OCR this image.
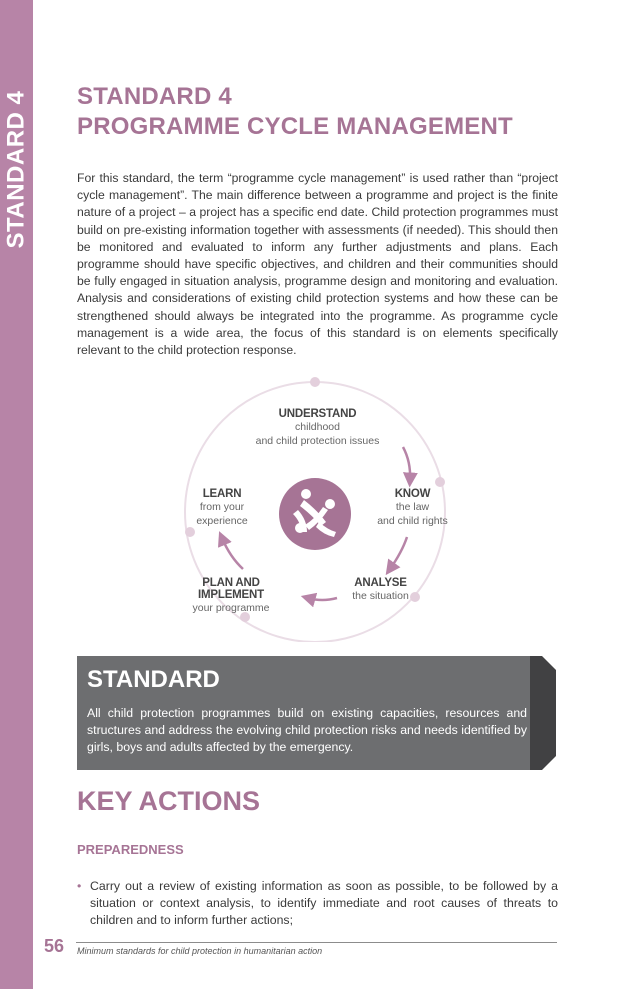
STANDARD 4 STANDARD 4
PROGRAMME CYCLE MANAGEMENT

For this standard, the term “programme cycle management” is used rather than “project cycle management”. The main difference between a programme and project is the finite nature of a project – a project has a specific end date. Child protection programmes must build on pre-existing information together with assessments (if needed). This should then be monitored and evaluated to inform any further adjustments and plans. Each programme should have specific objectives, and children and their communities should be fully engaged in situation analysis, programme design and monitoring and evaluation. Analysis and considerations of existing child protection systems and how these can be strengthened should always be integrated into the programme. As programme cycle management is a wide area, the focus of this standard is on elements specifically relevant to the child protection response.

UNDERSTAND
childhood
and child protection issues
KNOW
the law
and child rights
ANALYSE
the situation
PLAN AND IMPLEMENT
your programme
LEARN
from your
experience
STANDARD

All child protection programmes build on existing capacities, resources and structures and address the evolving child protection risks and needs identified by girls, boys and adults affected by the emergency.

KEY ACTIONS
PREPAREDNESS
• Carry out a review of existing information as soon as possible, to be followed by a situation or context analysis, to identify immediate and root causes of threats to children and to inform further actions;
56 Minimum standards for child protection in humanitarian action
